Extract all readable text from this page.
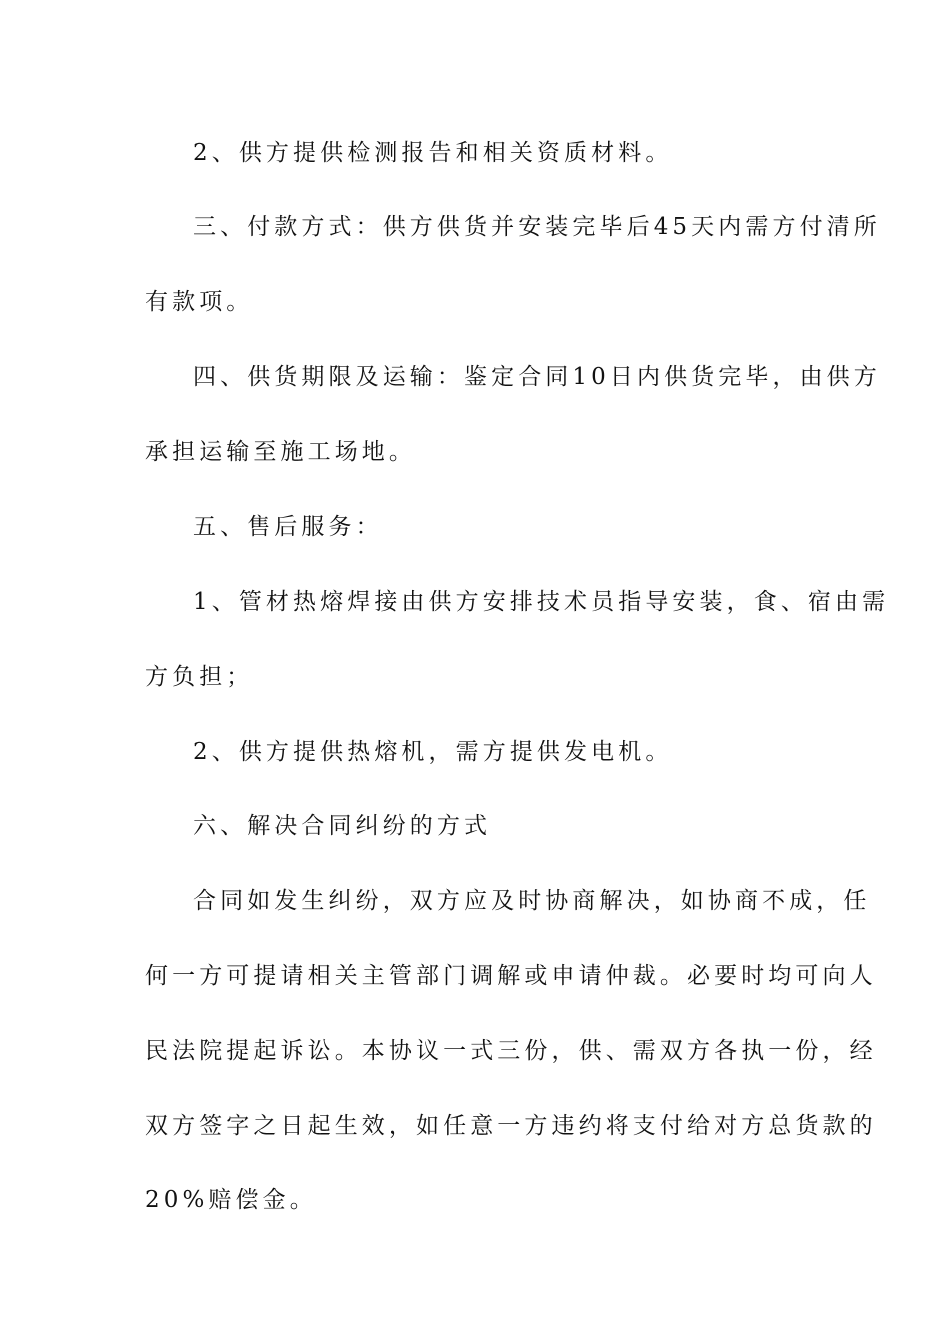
2、供方提供检测报告和相关资质材料。
三、付款方式：供方供货并安装完毕后45天内需方付清所
有款项。
四、供货期限及运输：鉴定合同10日内供货完毕，由供方
承担运输至施工场地。
五、售后服务：
1、管材热熔焊接由供方安排技术员指导安装，食、宿由需
方负担；
2、供方提供热熔机，需方提供发电机。
六、解决合同纠纷的方式
合同如发生纠纷，双方应及时协商解决，如协商不成，任
何一方可提请相关主管部门调解或申请仲裁。必要时均可向人
民法院提起诉讼。本协议一式三份，供、需双方各执一份，经
双方签字之日起生效，如任意一方违约将支付给对方总货款的
20%赔偿金。
